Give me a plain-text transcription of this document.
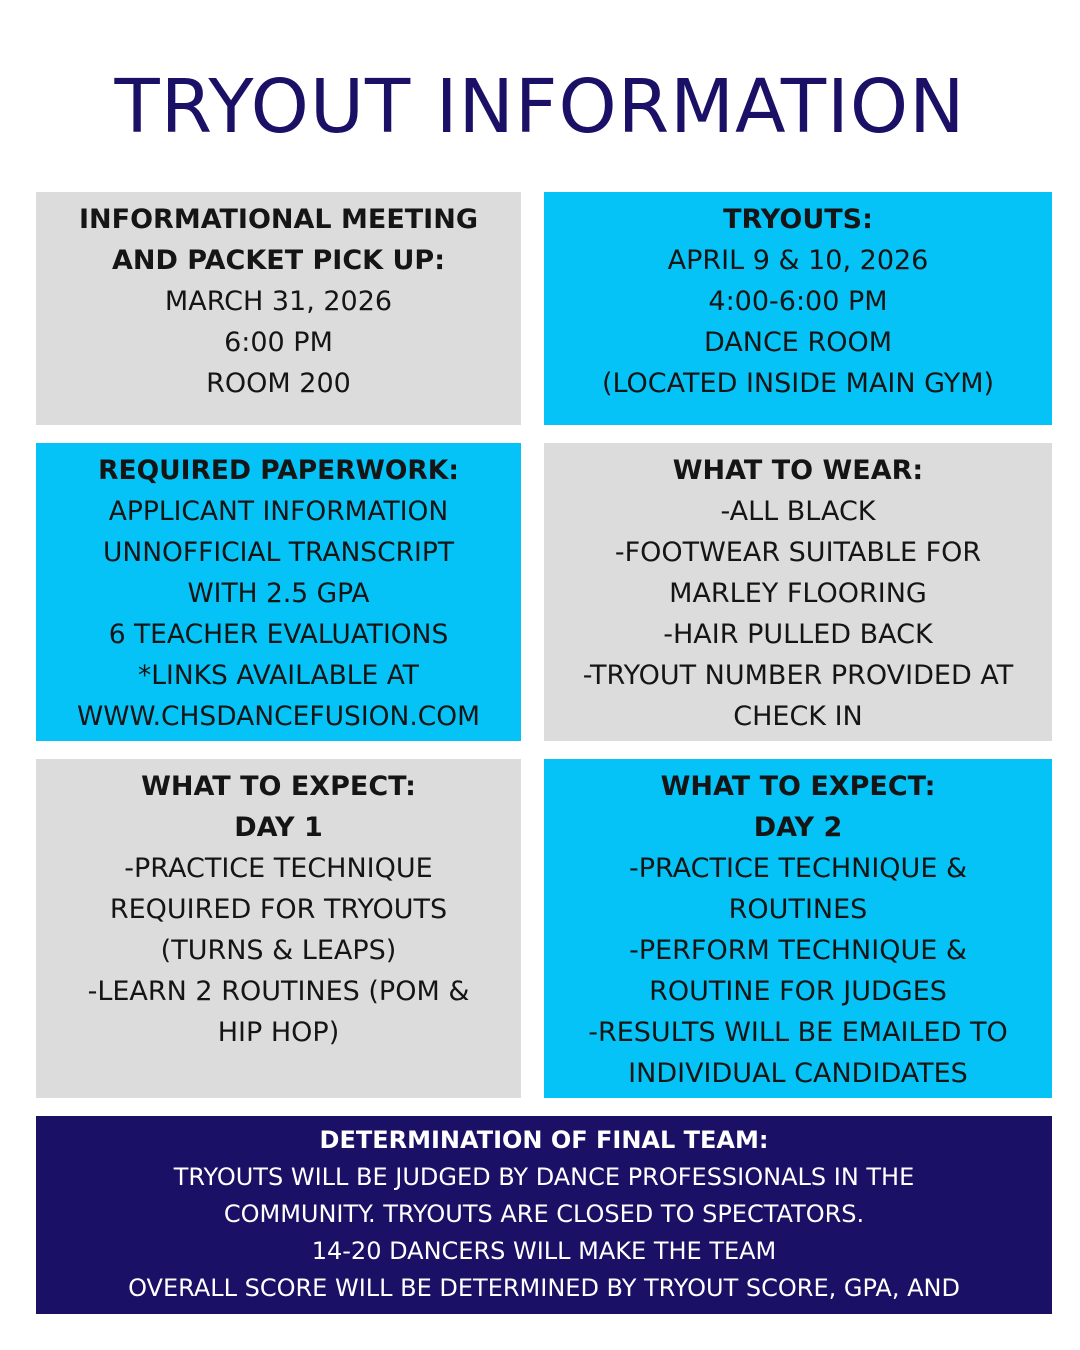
TRYOUT INFORMATION
INFORMATIONAL MEETING
AND PACKET PICK UP:
MARCH 31, 2026
6:00 PM
ROOM 200
TRYOUTS:
APRIL 9 & 10, 2026
4:00-6:00 PM
DANCE ROOM
(LOCATED INSIDE MAIN GYM)
REQUIRED PAPERWORK:
APPLICANT INFORMATION
UNNOFFICIAL TRANSCRIPT
WITH 2.5 GPA
6 TEACHER EVALUATIONS
*LINKS AVAILABLE AT
WWW.CHSDANCEFUSION.COM
WHAT TO WEAR:
-ALL BLACK
-FOOTWEAR SUITABLE FOR
MARLEY FLOORING
-HAIR PULLED BACK
-TRYOUT NUMBER PROVIDED AT
CHECK IN
WHAT TO EXPECT:
DAY 1
-PRACTICE TECHNIQUE
REQUIRED FOR TRYOUTS
(TURNS & LEAPS)
-LEARN 2 ROUTINES (POM &
HIP HOP)
WHAT TO EXPECT:
DAY 2
-PRACTICE TECHNIQUE &
ROUTINES
-PERFORM TECHNIQUE &
ROUTINE FOR JUDGES
-RESULTS WILL BE EMAILED TO
INDIVIDUAL CANDIDATES
DETERMINATION OF FINAL TEAM:
TRYOUTS WILL BE JUDGED BY DANCE PROFESSIONALS IN THE
COMMUNITY. TRYOUTS ARE CLOSED TO SPECTATORS.
14-20 DANCERS WILL MAKE THE TEAM
OVERALL SCORE WILL BE DETERMINED BY TRYOUT SCORE, GPA, AND
TEACHER EVALUATIONS.
